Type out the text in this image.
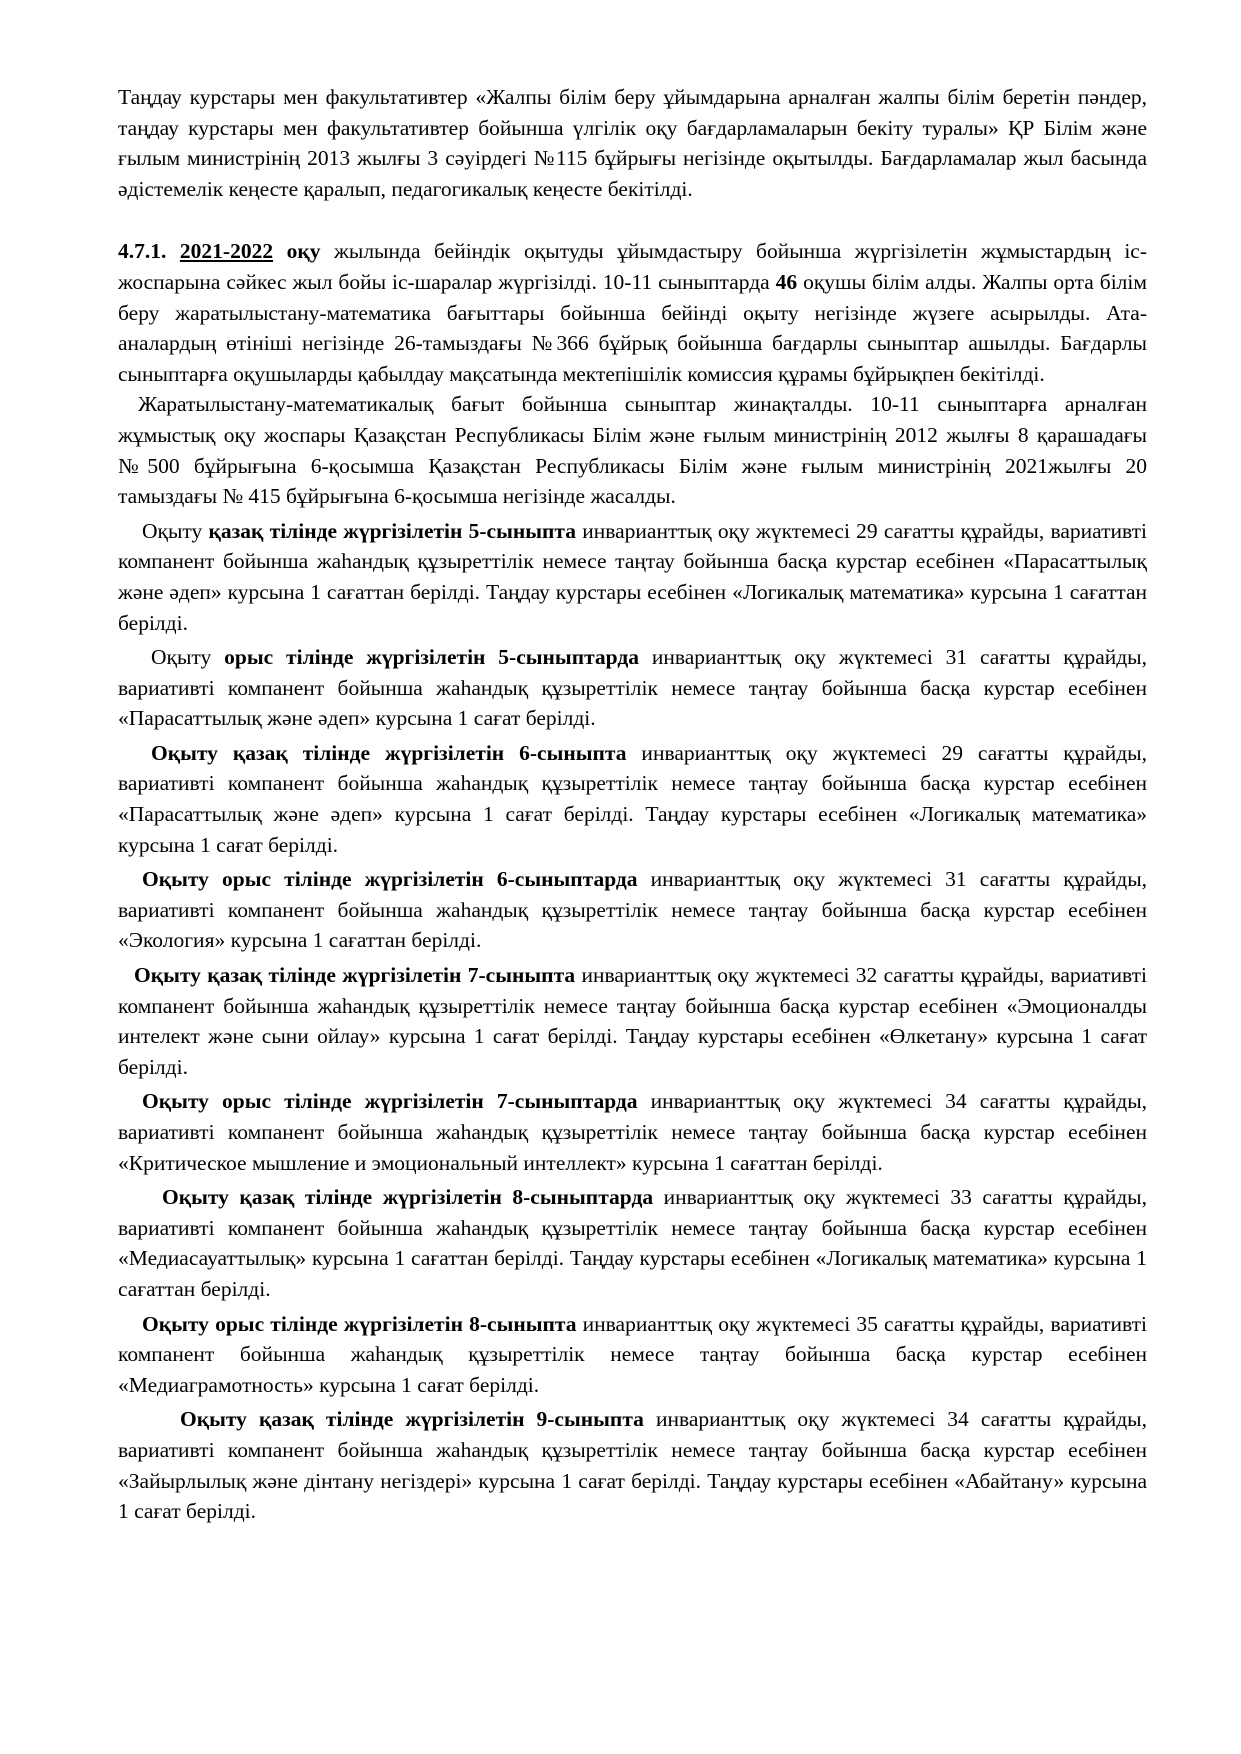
Таңдау курстары мен факультативтер «Жалпы білім беру ұйымдарына арналған жалпы білім беретін пәндер, таңдау курстары мен факультативтер бойынша үлгілік оқу бағдарламаларын бекіту туралы» ҚР Білім және ғылым министрінің 2013 жылғы 3 сәуірдегі №115 бұйрығы негізінде оқытылды. Бағдарламалар жыл басында әдістемелік кеңесте қаралып, педагогикалық кеңесте бекітілді.

4.7.1. 2021-2022 оқу жылында бейіндік оқытуды ұйымдастыру бойынша жүргізілетін жұмыстардың іс-жоспарына сәйкес жыл бойы іс-шаралар жүргізілді. 10-11 сыныптарда 46 оқушы білім алды. Жалпы орта білім беру жаратылыстану-математика бағыттары бойынша бейінді оқыту негізінде жүзеге асырылды. Ата-аналардың өтініші негізінде 26-тамыздағы №366 бұйрық бойынша бағдарлы сыныптар ашылды. Бағдарлы сыныптарға оқушыларды қабылдау мақсатында мектепішілік комиссия құрамы бұйрықпен бекітілді.

Жаратылыстану-математикалық бағыт бойынша сыныптар жинақталды. 10-11 сыныптарға арналған жұмыстық оқу жоспары Қазақстан Республикасы Білім және ғылым министрінің 2012 жылғы 8 қарашадағы №500 бұйрығына 6-қосымша Қазақстан Республикасы Білім және ғылым министрінің 2021жылғы 20 тамыздағы № 415 бұйрығына 6-қосымша негізінде жасалды.

Оқыту қазақ тілінде жүргізілетін 5-сыныпта инварианттық оқу жүктемесі 29 сағатты құрайды, вариативті компанент бойынша жаһандық құзыреттілік немесе таңтау бойынша басқа курстар есебінен «Парасаттылық және әдеп» курсына 1 сағаттан берілді. Таңдау курстары есебінен «Логикалық математика» курсына 1 сағаттан берілді.

Оқыту орыс тілінде жүргізілетін 5-сыныптарда инварианттық оқу жүктемесі 31 сағатты құрайды, вариативті компанент бойынша жаһандық құзыреттілік немесе таңтау бойынша басқа курстар есебінен «Парасаттылық және әдеп» курсына 1 сағат берілді.

Оқыту қазақ тілінде жүргізілетін 6-сыныпта инварианттық оқу жүктемесі 29 сағатты құрайды, вариативті компанент бойынша жаһандық құзыреттілік немесе таңтау бойынша басқа курстар есебінен «Парасаттылық және әдеп» курсына 1 сағат берілді. Таңдау курстары есебінен «Логикалық математика» курсына 1 сағат берілді.

Оқыту орыс тілінде жүргізілетін 6-сыныптарда инварианттық оқу жүктемесі 31 сағатты құрайды, вариативті компанент бойынша жаһандық құзыреттілік немесе таңтау бойынша басқа курстар есебінен «Экология» курсына 1 сағаттан берілді.

Оқыту қазақ тілінде жүргізілетін 7-сыныпта инварианттық оқу жүктемесі 32 сағатты құрайды, вариативті компанент бойынша жаһандық құзыреттілік немесе таңтау бойынша басқа курстар есебінен «Эмоционалды интелект және сыни ойлау» курсына 1 сағат берілді. Таңдау курстары есебінен «Өлкетану» курсына 1 сағат берілді.

Оқыту орыс тілінде жүргізілетін 7-сыныптарда инварианттық оқу жүктемесі 34 сағатты құрайды, вариативті компанент бойынша жаһандық құзыреттілік немесе таңтау бойынша басқа курстар есебінен «Критическое мышление и эмоциональный интеллект» курсына 1 сағаттан берілді.

Оқыту қазақ тілінде жүргізілетін 8-сыныптарда инварианттық оқу жүктемесі 33 сағатты құрайды, вариативті компанент бойынша жаһандық құзыреттілік немесе таңтау бойынша басқа курстар есебінен «Медиасауаттылық» курсына 1 сағаттан берілді. Таңдау курстары есебінен «Логикалық математика» курсына 1 сағаттан берілді.

Оқыту орыс тілінде жүргізілетін 8-сыныпта инварианттық оқу жүктемесі 35 сағатты құрайды, вариативті компанент бойынша жаһандық құзыреттілік немесе таңтау бойынша басқа курстар есебінен «Медиаграмотность» курсына 1 сағат берілді.

Оқыту қазақ тілінде жүргізілетін 9-сыныпта инварианттық оқу жүктемесі 34 сағатты құрайды, вариативті компанент бойынша жаһандық құзыреттілік немесе таңтау бойынша басқа курстар есебінен «Зайырлылық және дінтану негіздері» курсына 1 сағат берілді. Таңдау курстары есебінен «Абайтану» курсына 1 сағат берілді.
